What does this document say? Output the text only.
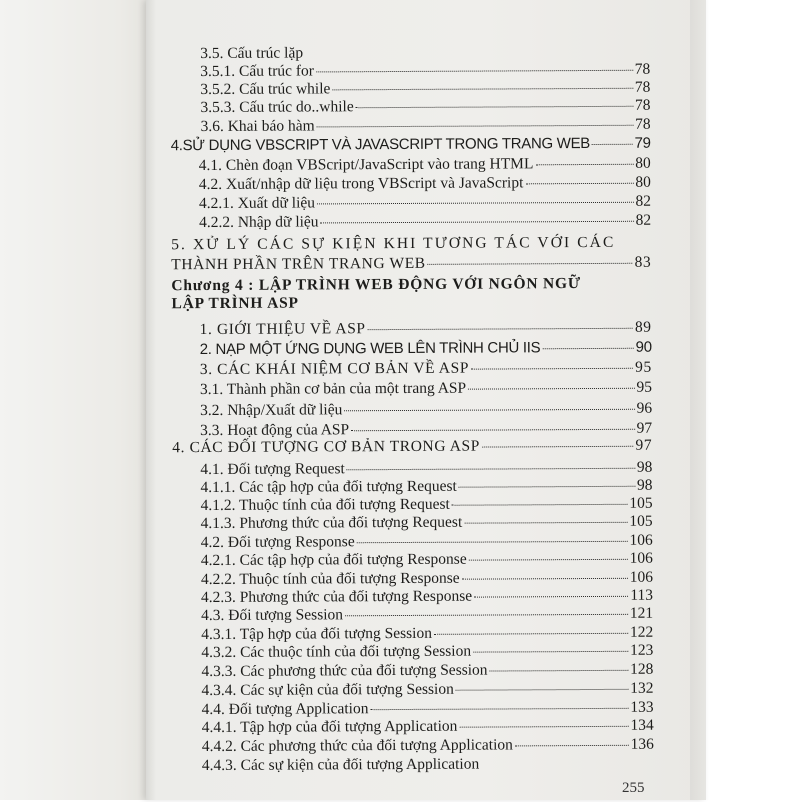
3.5. Cấu trúc lặp
3.5.1. Cấu trúc for	78
3.5.2. Cấu trúc while	78
3.5.3. Cấu trúc do..while	78
3.6. Khai báo hàm	78
4.SỬ DỤNG VBSCRIPT VÀ JAVASCRIPT TRONG TRANG WEB	79
4.1. Chèn đoạn VBScript/JavaScript vào trang HTML	80
4.2. Xuất/nhập dữ liệu trong VBScript và JavaScript	80
4.2.1. Xuất dữ liệu	82
4.2.2. Nhập dữ liệu	82
5. XỬ LÝ CÁC SỰ KIỆN KHI TƯƠNG TÁC VỚI CÁC
THÀNH PHẦN TRÊN TRANG WEB	83
Chương 4 : LẬP TRÌNH WEB ĐỘNG VỚI NGÔN NGỮ
LẬP TRÌNH ASP
1. GIỚI THIỆU VỀ ASP	89
2. NẠP MỘT ỨNG DỤNG WEB LÊN TRÌNH CHỦ IIS	90
3. CÁC KHÁI NIỆM CƠ BẢN VỀ ASP	95
3.1. Thành phần cơ bản của một trang ASP	95
3.2. Nhập/Xuất dữ liệu	96
3.3. Hoạt động của ASP	97
4. CÁC ĐỐI TƯỢNG CƠ BẢN TRONG ASP	97
4.1. Đối tượng Request	98
4.1.1. Các tập hợp của đối tượng Request	98
4.1.2. Thuộc tính của đối tượng Request	105
4.1.3. Phương thức của đối tượng Request	105
4.2. Đối tượng Response	106
4.2.1. Các tập hợp của đối tượng Response	106
4.2.2. Thuộc tính của đối tượng Response	106
4.2.3. Phương thức của đối tượng Response	113
4.3. Đối tượng Session	121
4.3.1. Tập hợp của đối tượng Session	122
4.3.2. Các thuộc tính của đối tượng Session	123
4.3.3. Các phương thức của đối tượng Session	128
4.3.4. Các sự kiện của đối tượng Session	132
4.4. Đối tượng Application	133
4.4.1. Tập hợp của đối tượng Application	134
4.4.2. Các phương thức của đối tượng Application	136
4.4.3. Các sự kiện của đối tượng Application
255
